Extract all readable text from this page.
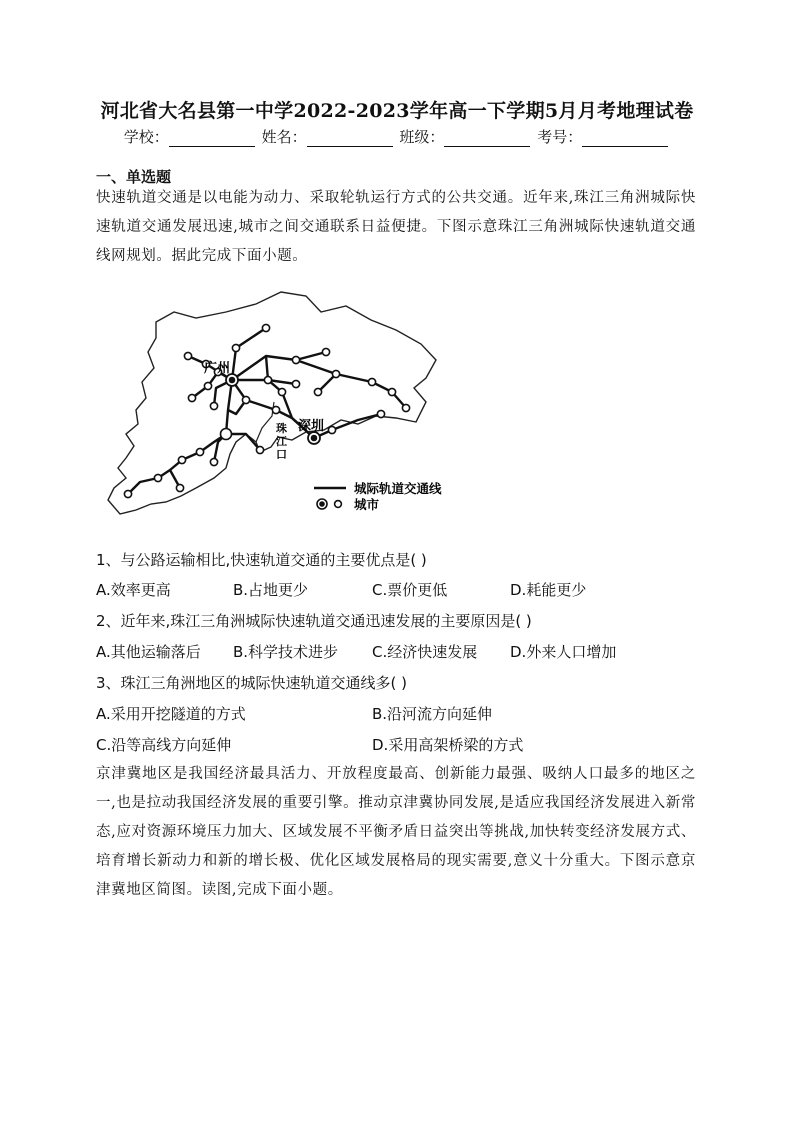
河北省大名县第一中学2022-2023学年高一下学期5月月考地理试卷
学校：	姓名：	班级：	考号：
一、单选题
快速轨道交通是以电能为动力、采取轮轨运行方式的公共交通。近年来,珠江三角洲城际快速轨道交通发展迅速,城市之间交通联系日益便捷。下图示意珠江三角洲城际快速轨道交通线网规划。据此完成下面小题。
广州
深圳
珠
江
口
城际轨道交通线
城市
1、与公路运输相比,快速轨道交通的主要优点是( )
A.效率更高	B.占地更少	C.票价更低	D.耗能更少
2、近年来,珠江三角洲城际快速轨道交通迅速发展的主要原因是( )
A.其他运输落后 B.科学技术进步 C.经济快速发展 D.外来人口增加
3、珠江三角洲地区的城际快速轨道交通线多( )
A.采用开挖隧道的方式	B.沿河流方向延伸
C.沿等高线方向延伸	D.采用高架桥梁的方式
京津冀地区是我国经济最具活力、开放程度最高、创新能力最强、吸纳人口最多的地区之一,也是拉动我国经济发展的重要引擎。推动京津冀协同发展,是适应我国经济发展进入新常态,应对资源环境压力加大、区域发展不平衡矛盾日益突出等挑战,加快转变经济发展方式、培育增长新动力和新的增长极、优化区域发展格局的现实需要,意义十分重大。下图示意京津冀地区简图。读图,完成下面小题。
